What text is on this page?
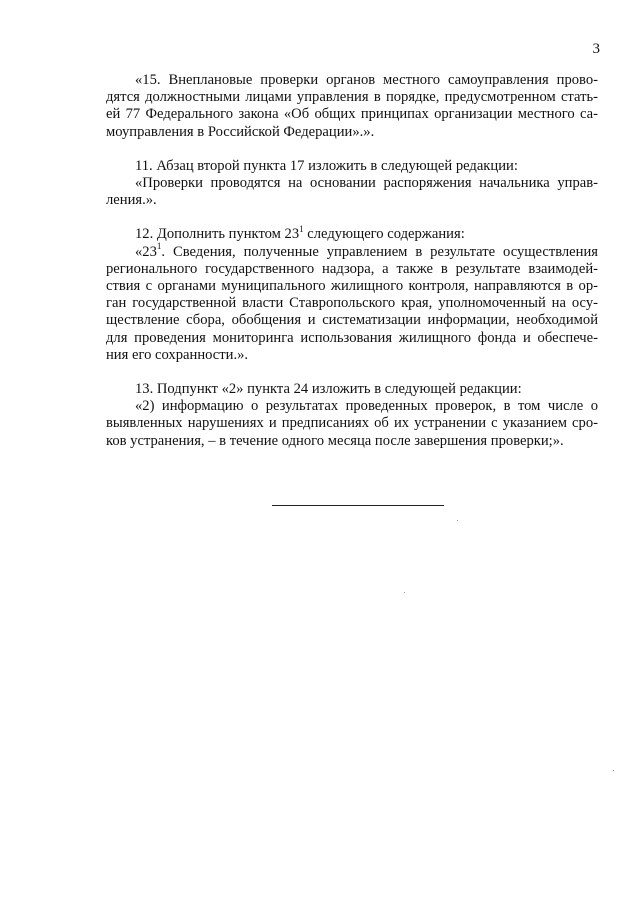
3
«15. Внеплановые проверки органов местного самоуправления прово-
дятся должностными лицами управления в порядке, предусмотренном стать-
ей 77 Федерального закона «Об общих принципах организации местного са-
моуправления в Российской Федерации».».
11. Абзац второй пункта 17 изложить в следующей редакции:
«Проверки проводятся на основании распоряжения начальника управ-
ления.».
12. Дополнить пунктом $23^1$ следующего содержания:
«$23^1$. Сведения, полученные управлением в результате осуществления
регионального государственного надзора, а также в результате взаимодей-
ствия с органами муниципального жилищного контроля, направляются в ор-
ган государственной власти Ставропольского края, уполномоченный на осу-
ществление сбора, обобщения и систематизации информации, необходимой
для проведения мониторинга использования жилищного фонда и обеспече-
ния его сохранности.».
13. Подпункт «2» пункта 24 изложить в следующей редакции:
«2) информацию о результатах проведенных проверок, в том числе о
выявленных нарушениях и предписаниях об их устранении с указанием сро-
ков устранения, – в течение одного месяца после завершения проверки;».
